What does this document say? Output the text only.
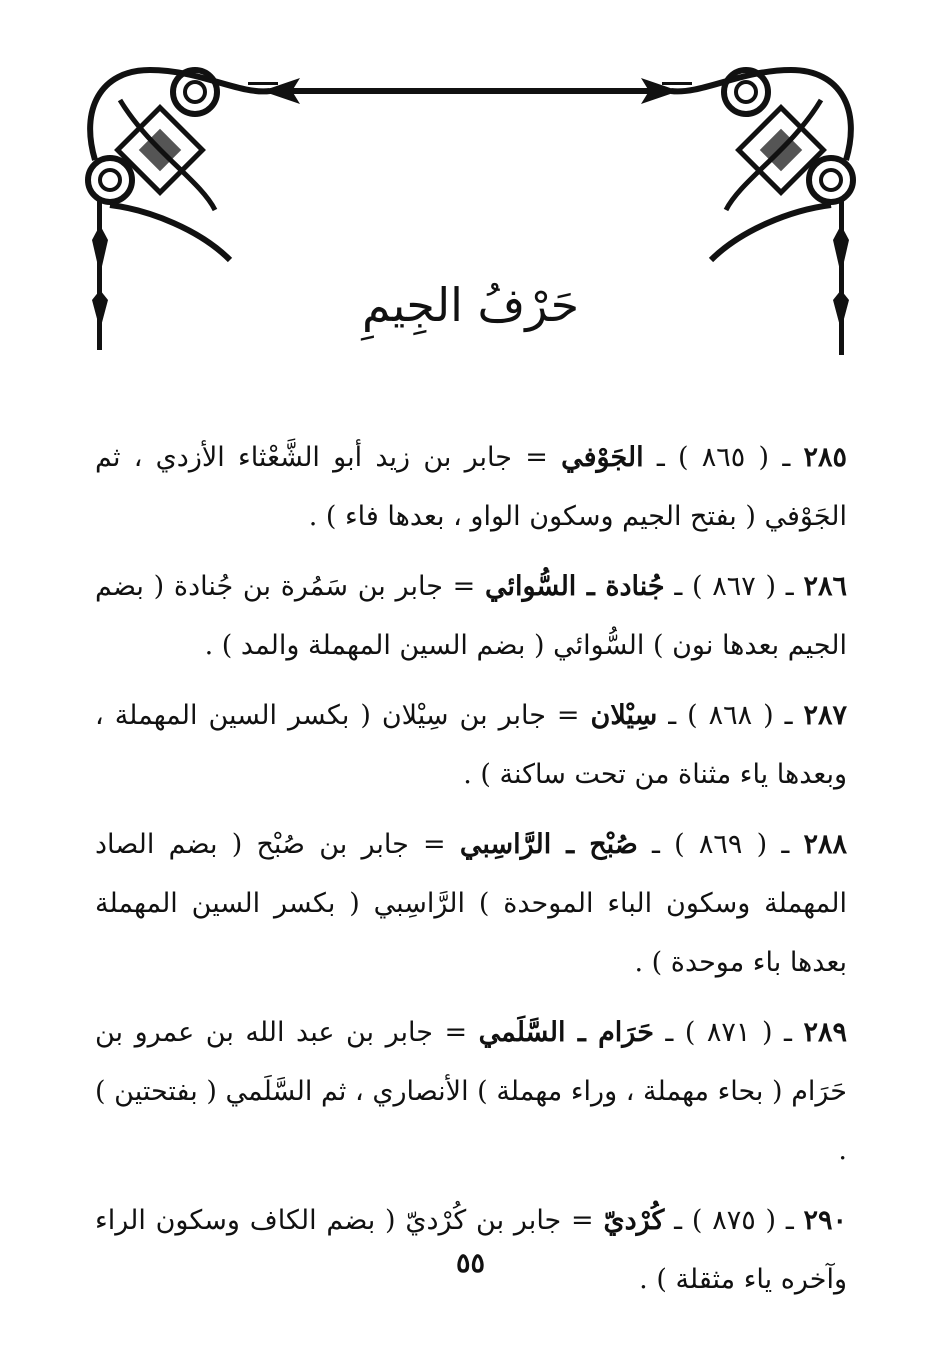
حَرْفُ الجِيمِ

٢٨٥ ـ ( ٨٦٥ ) ـ الجَوْفي = جابر بن زيد أبو الشَّعْثاء الأزدي ، ثم الجَوْفي ( بفتح الجيم وسكون الواو ، بعدها فاء ) .

٢٨٦ ـ ( ٨٦٧ ) ـ جُنادة ـ السُّوائي = جابر بن سَمُرة بن جُنادة ( بضم الجيم بعدها نون ) السُّوائي ( بضم السين المهملة والمد ) .

٢٨٧ ـ ( ٨٦٨ ) ـ سِيْلان = جابر بن سِيْلان ( بكسر السين المهملة ، وبعدها ياء مثناة من تحت ساكنة ) .

٢٨٨ ـ ( ٨٦٩ ) ـ صُبْح ـ الرَّاسِبي = جابر بن صُبْح ( بضم الصاد المهملة وسكون الباء الموحدة ) الرَّاسِبي ( بكسر السين المهملة بعدها باء موحدة ) .

٢٨٩ ـ ( ٨٧١ ) ـ حَرَام ـ السَّلَمي = جابر بن عبد الله بن عمرو بن حَرَام ( بحاء مهملة ، وراء مهملة ) الأنصاري ، ثم السَّلَمي ( بفتحتين ) .

٢٩٠ ـ ( ٨٧٥ ) ـ كُرْديّ = جابر بن كُرْديّ ( بضم الكاف وسكون الراء وآخره ياء مثقلة ) .

٥٥
